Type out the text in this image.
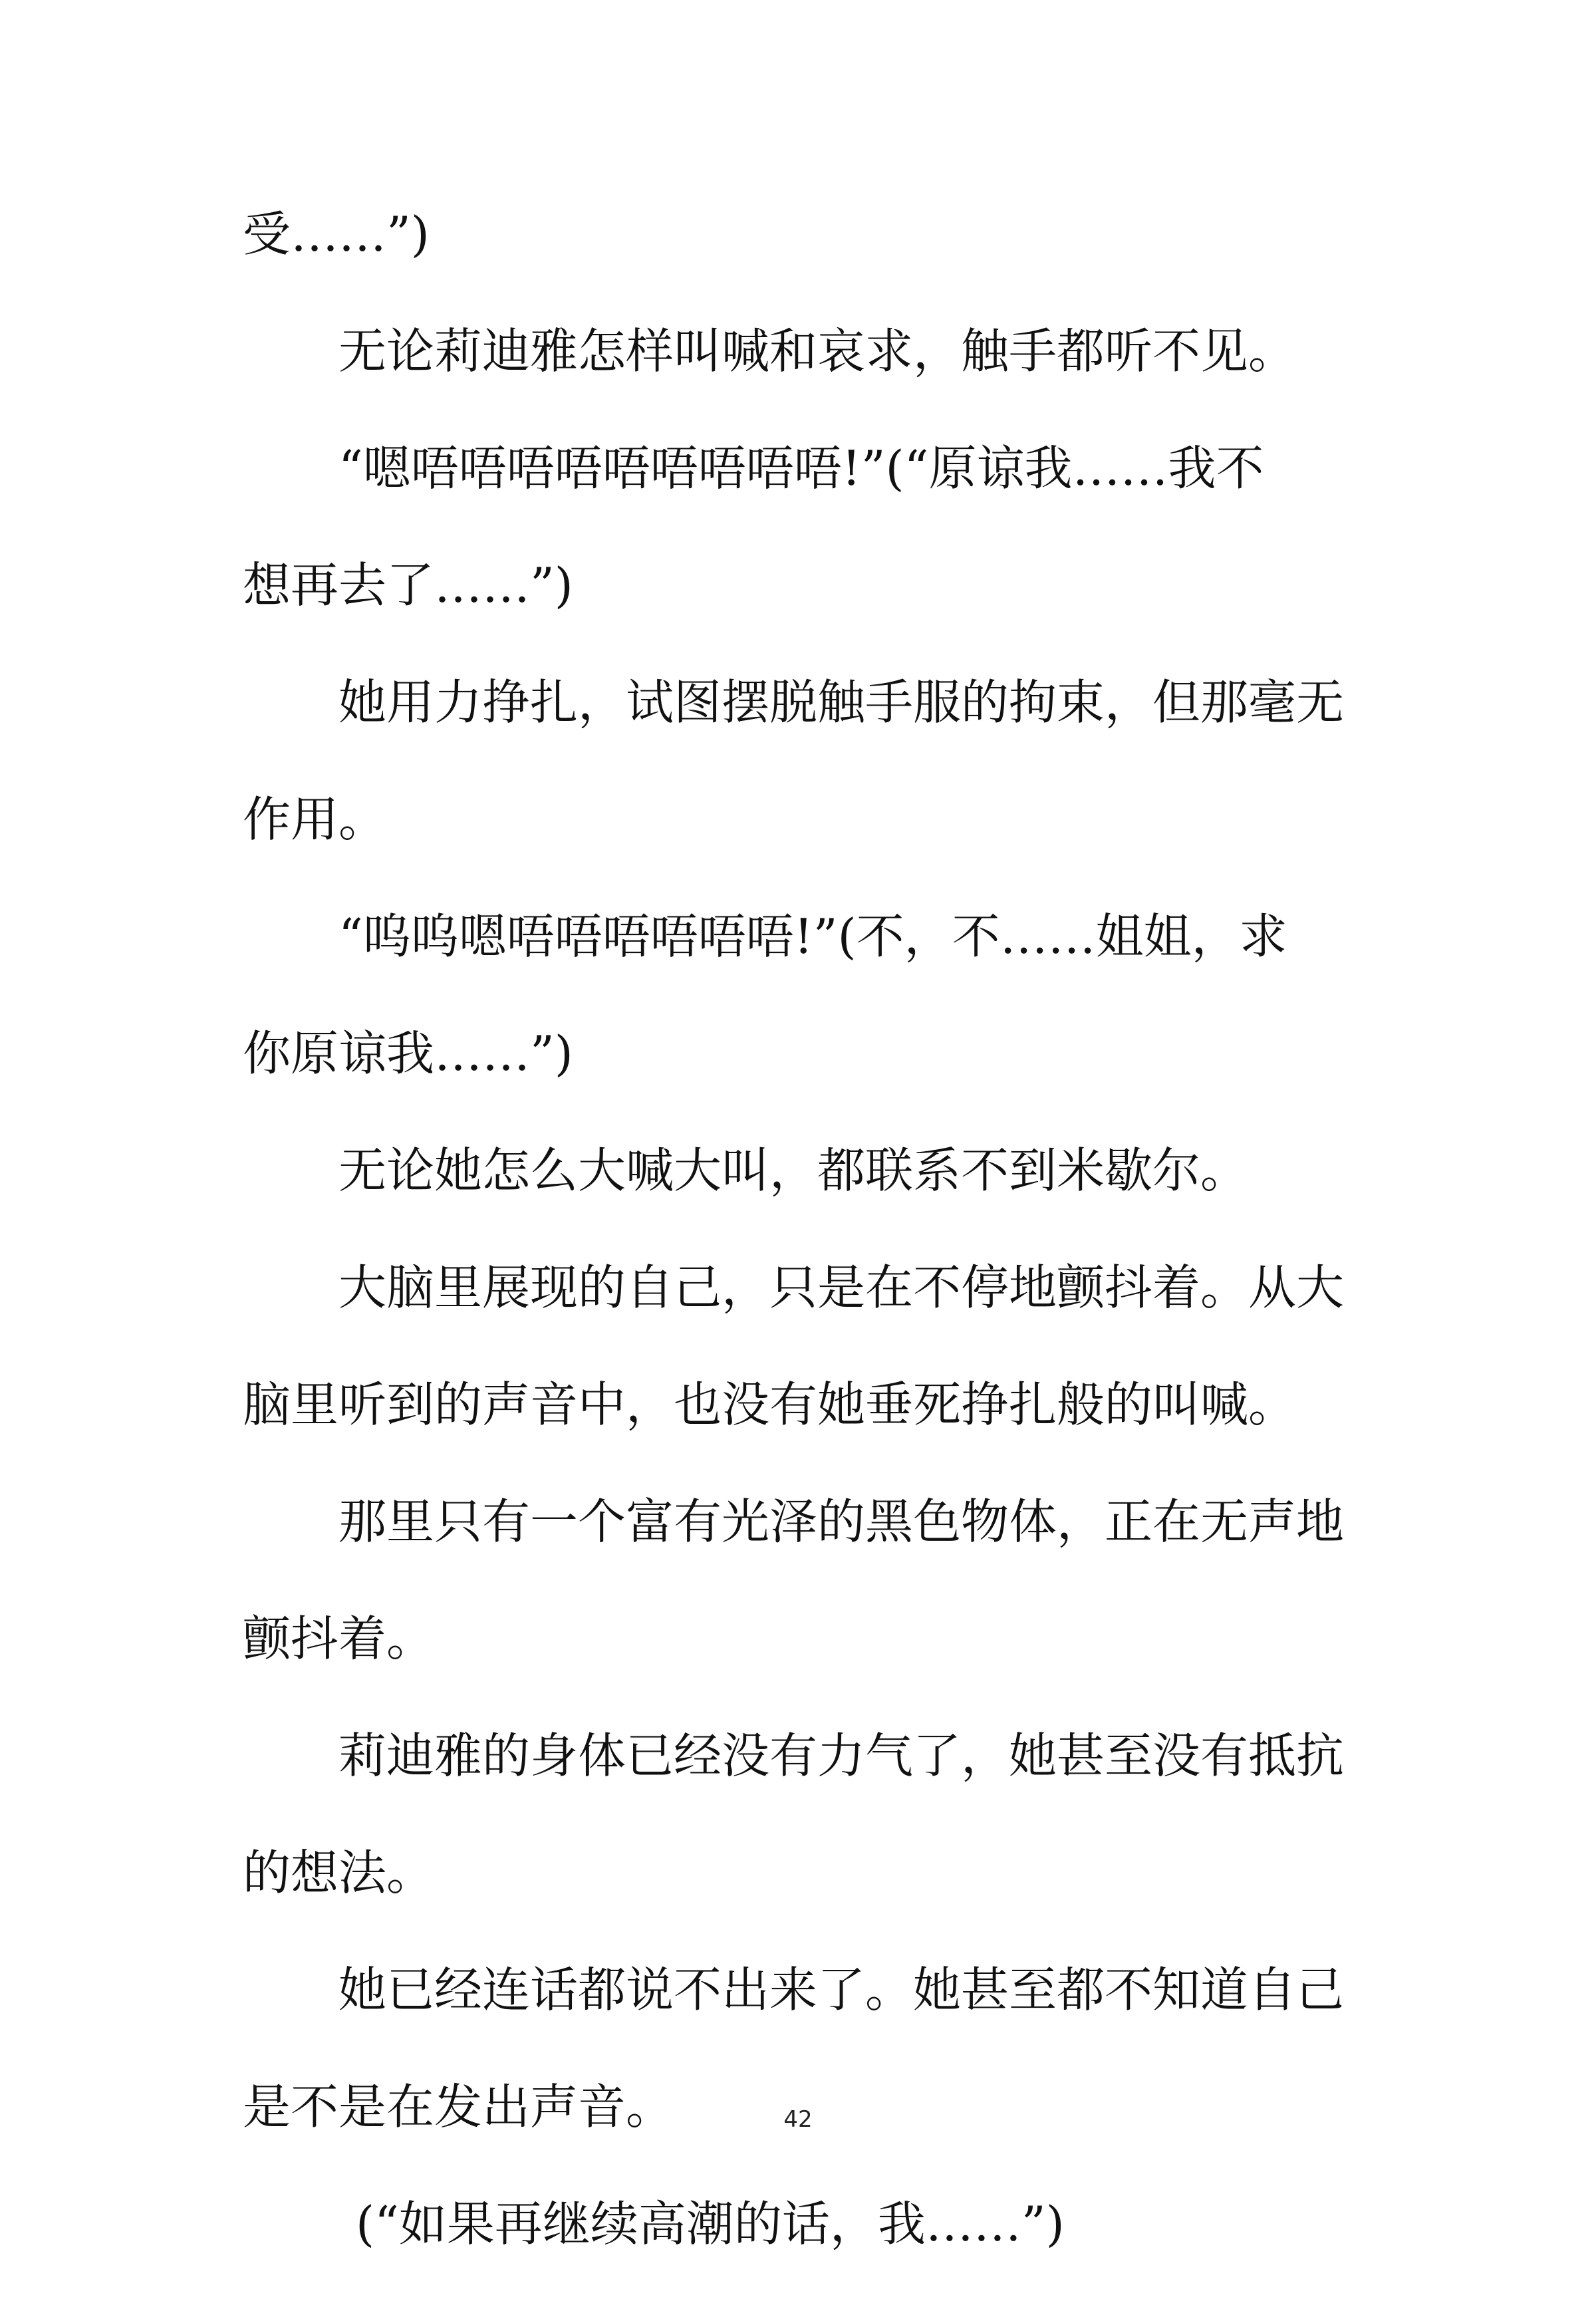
受……”)
无论莉迪雅怎样叫喊和哀求，触手都听不见。
“嗯唔唔唔唔唔唔唔唔唔!”(“原谅我……我不
想再去了……”)
她用力挣扎，试图摆脱触手服的拘束，但那毫无
作用。
“呜呜嗯唔唔唔唔唔唔!”(不，不……姐姐，求
你原谅我……”)
无论她怎么大喊大叫，都联系不到米歇尔。
大脑里展现的自己，只是在不停地颤抖着。从大
脑里听到的声音中，也没有她垂死挣扎般的叫喊。
那里只有一个富有光泽的黑色物体，正在无声地
颤抖着。
莉迪雅的身体已经没有力气了，她甚至没有抵抗
的想法。
她已经连话都说不出来了。她甚至都不知道自己
是不是在发出声音。
(“如果再继续高潮的话，我……”)
42
